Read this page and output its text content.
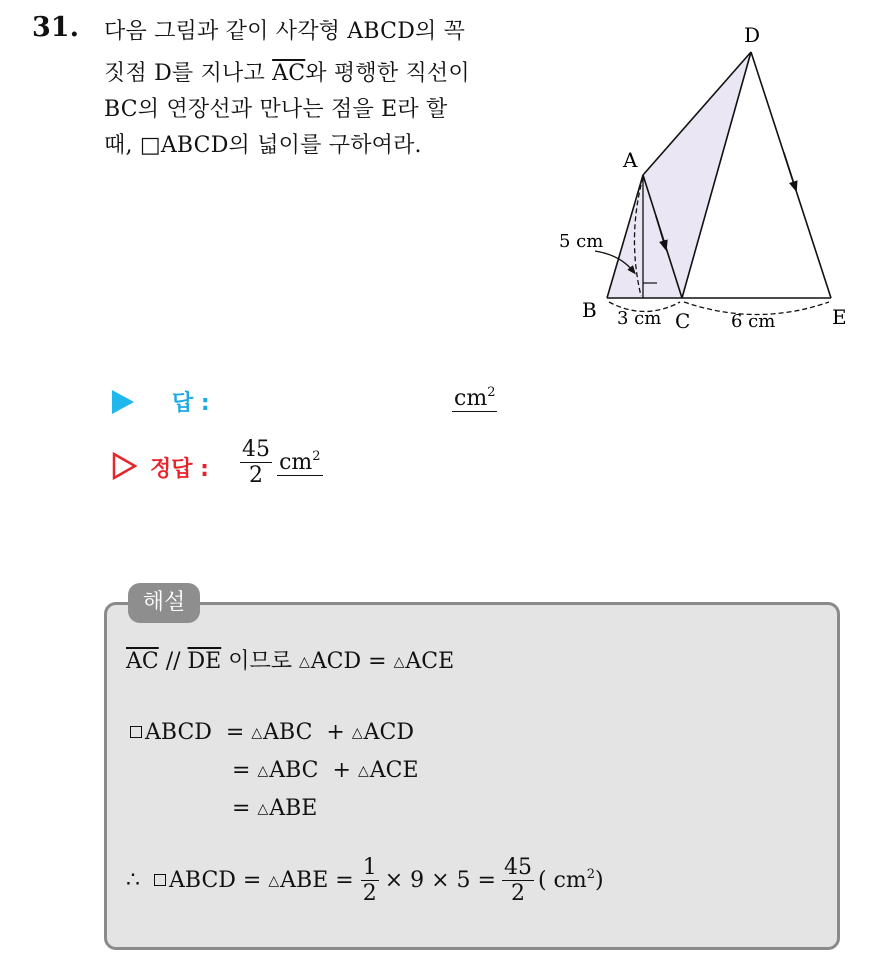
31. 다음 그림과 같이 사각형 ABCD의 꼭
짓점 D를 지나고 $\overline{AC}$와 평행한 직선이
BC의 연장선과 만나는 점을 E라 할
때, □ABCD의 넓이를 구하여라.
D
A
B	C	E
5 cm
3 cm	6 cm
답 :	$cm^2$
정답 : $\frac{45}{2} cm^2$
해설
$\overline{AC} // \overline{DE}$ 이므로 △ACD = △ACE
ABCD  = △ABC  + △ACD
= △ABC  + △ACE
= △ABE
∴	ABCD = △ ABE = $\frac{1}{2} \times 9 \times 5 = \frac{45}{2}$ ( $cm^2$)
